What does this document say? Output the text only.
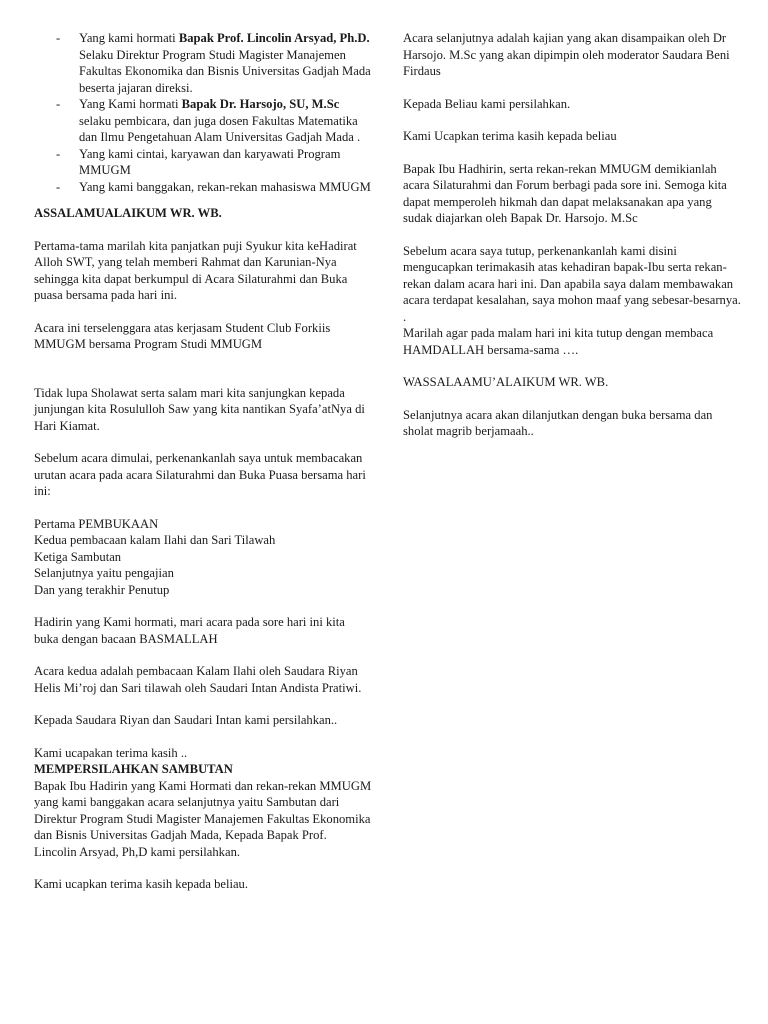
- Yang kami hormati Bapak Prof. Lincolin Arsyad, Ph.D. Selaku Direktur Program Studi Magister Manajemen Fakultas Ekonomika dan Bisnis Universitas Gadjah Mada beserta jajaran direksi.
- Yang Kami hormati Bapak Dr. Harsojo, SU, M.Sc selaku pembicara, dan juga dosen Fakultas Matematika dan Ilmu Pengetahuan Alam Universitas Gadjah Mada .
- Yang kami cintai, karyawan dan karyawati Program MMUGM
- Yang kami banggakan, rekan-rekan mahasiswa MMUGM

ASSALAMUALAIKUM WR. WB.

Pertama-tama marilah kita panjatkan puji Syukur kita keHadirat Alloh SWT, yang telah memberi Rahmat dan Karunian-Nya sehingga kita dapat berkumpul di Acara Silaturahmi dan Buka puasa bersama pada hari ini.

Acara ini terselenggara atas kerjasam Student Club Forkiis MMUGM bersama Program Studi MMUGM

Tidak lupa Sholawat serta salam mari kita sanjungkan kepada junjungan kita Rosululloh Saw yang kita nantikan Syafa’atNya di Hari Kiamat.

Sebelum acara dimulai, perkenankanlah saya untuk membacakan urutan acara pada acara Silaturahmi dan Buka Puasa bersama hari ini:

Pertama PEMBUKAAN
Kedua pembacaan kalam Ilahi dan Sari Tilawah
Ketiga Sambutan
Selanjutnya yaitu pengajian
Dan yang terakhir Penutup

Hadirin yang Kami hormati, mari acara pada sore hari ini kita buka dengan bacaan BASMALLAH

Acara kedua adalah pembacaan Kalam Ilahi oleh Saudara Riyan Helis Mi’roj dan Sari tilawah oleh Saudari Intan Andista Pratiwi.

Kepada Saudara Riyan dan Saudari Intan kami persilahkan..

Kami ucapakan terima kasih ..

MEMPERSILAHKAN SAMBUTAN

Bapak Ibu Hadirin yang Kami Hormati dan rekan-rekan MMUGM yang kami banggakan acara selanjutnya yaitu Sambutan dari Direktur Program Studi Magister Manajemen Fakultas Ekonomika dan Bisnis Universitas Gadjah Mada, Kepada Bapak Prof. Lincolin Arsyad, Ph,D kami persilahkan.

Kami ucapkan terima kasih kepada beliau.

Acara selanjutnya adalah kajian yang akan disampaikan oleh Dr Harsojo. M.Sc yang akan dipimpin oleh moderator Saudara Beni Firdaus

Kepada Beliau kami persilahkan.

Kami Ucapkan terima kasih kepada beliau

Bapak Ibu Hadhirin, serta rekan-rekan MMUGM demikianlah acara Silaturahmi dan Forum berbagi pada sore ini. Semoga kita dapat memperoleh hikmah dan dapat melaksanakan apa yang sudak diajarkan oleh Bapak Dr. Harsojo. M.Sc

Sebelum acara saya tutup, perkenankanlah kami disini mengucapkan terimakasih atas kehadiran bapak-Ibu serta rekan-rekan dalam acara hari ini. Dan apabila saya dalam membawakan acara terdapat kesalahan, saya mohon maaf yang sebesar-besarnya. .

Marilah agar pada malam hari ini kita tutup dengan membaca HAMDALLAH bersama-sama ….

WASSALAAMU’ALAIKUM WR. WB.

Selanjutnya acara akan dilanjutkan dengan buka bersama dan sholat magrib berjamaah..
